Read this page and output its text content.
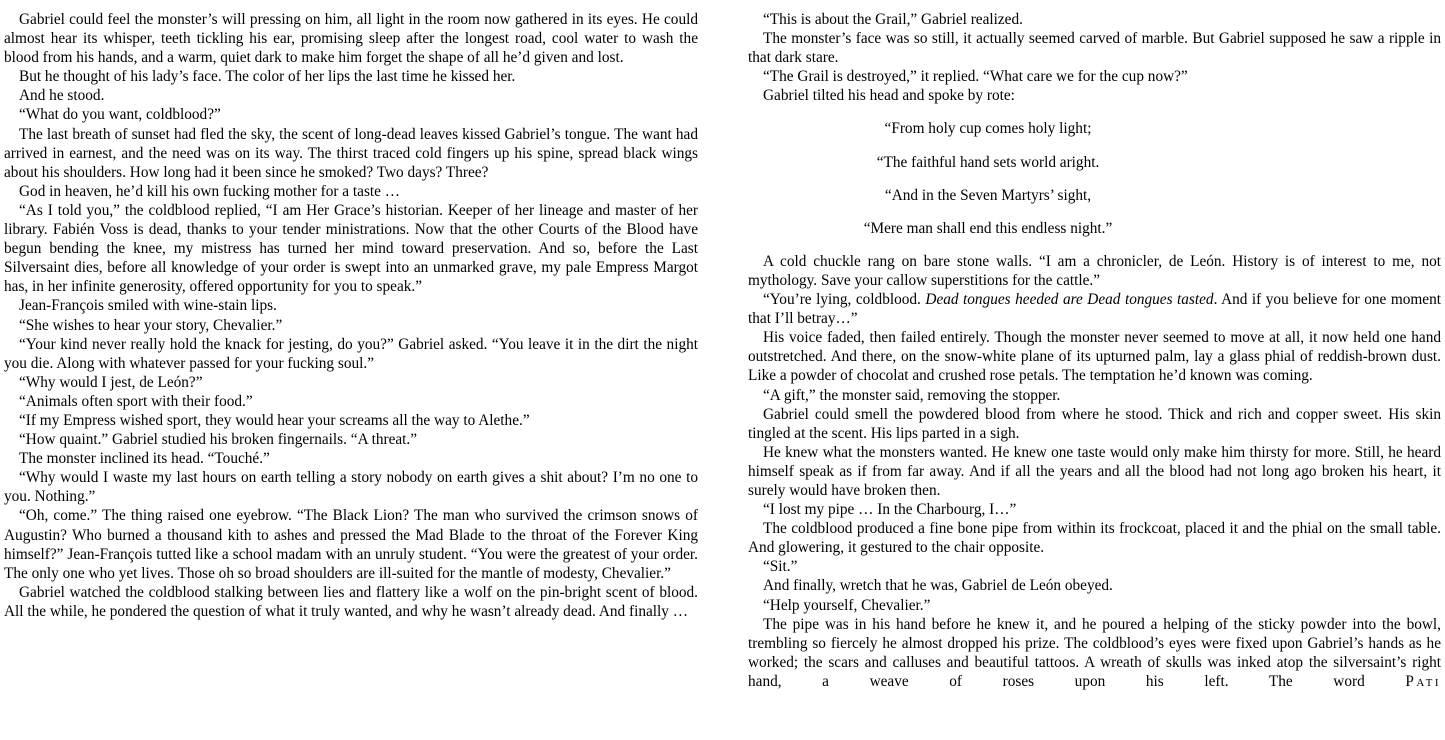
Gabriel could feel the monster’s will pressing on him, all light in the room now gathered in its eyes. He could almost hear its whisper, teeth tickling his ear, promising sleep after the longest road, cool water to wash the blood from his hands, and a warm, quiet dark to make him forget the shape of all he’d given and lost.

But he thought of his lady’s face. The color of her lips the last time he kissed her.

And he stood.

“What do you want, coldblood?”

The last breath of sunset had fled the sky, the scent of long-dead leaves kissed Gabriel’s tongue. The want had arrived in earnest, and the need was on its way. The thirst traced cold fingers up his spine, spread black wings about his shoulders. How long had it been since he smoked? Two days? Three?

God in heaven, he’d kill his own fucking mother for a taste …

“As I told you,” the coldblood replied, “I am Her Grace’s historian. Keeper of her lineage and master of her library. Fabién Voss is dead, thanks to your tender ministrations. Now that the other Courts of the Blood have begun bending the knee, my mistress has turned her mind toward preservation. And so, before the Last Silversaint dies, before all knowledge of your order is swept into an unmarked grave, my pale Empress Margot has, in her infinite generosity, offered opportunity for you to speak.”

Jean-François smiled with wine-stain lips.

“She wishes to hear your story, Chevalier.”

“Your kind never really hold the knack for jesting, do you?” Gabriel asked. “You leave it in the dirt the night you die. Along with whatever passed for your fucking soul.”

“Why would I jest, de León?”

“Animals often sport with their food.”

“If my Empress wished sport, they would hear your screams all the way to Alethe.”

“How quaint.” Gabriel studied his broken fingernails. “A threat.”

The monster inclined its head. “Touché.”

“Why would I waste my last hours on earth telling a story nobody on earth gives a shit about? I’m no one to you. Nothing.”

“Oh, come.” The thing raised one eyebrow. “The Black Lion? The man who survived the crimson snows of Augustin? Who burned a thousand kith to ashes and pressed the Mad Blade to the throat of the Forever King himself?” Jean-François tutted like a school madam with an unruly student. “You were the greatest of your order. The only one who yet lives. Those oh so broad shoulders are ill-suited for the mantle of modesty, Chevalier.”

Gabriel watched the coldblood stalking between lies and flattery like a wolf on the pin-bright scent of blood. All the while, he pondered the question of what it truly wanted, and why he wasn’t already dead. And finally …

“This is about the Grail,” Gabriel realized.

The monster’s face was so still, it actually seemed carved of marble. But Gabriel supposed he saw a ripple in that dark stare.

“The Grail is destroyed,” it replied. “What care we for the cup now?”

Gabriel tilted his head and spoke by rote:

“From holy cup comes holy light;

“The faithful hand sets world aright.

“And in the Seven Martyrs’ sight,

“Mere man shall end this endless night.”

A cold chuckle rang on bare stone walls. “I am a chronicler, de León. History is of interest to me, not mythology. Save your callow superstitions for the cattle.”

“You’re lying, coldblood. Dead tongues heeded are Dead tongues tasted. And if you believe for one moment that I’ll betray…”

His voice faded, then failed entirely. Though the monster never seemed to move at all, it now held one hand outstretched. And there, on the snow-white plane of its upturned palm, lay a glass phial of reddish-brown dust. Like a powder of chocolat and crushed rose petals. The temptation he’d known was coming.

“A gift,” the monster said, removing the stopper.

Gabriel could smell the powdered blood from where he stood. Thick and rich and copper sweet. His skin tingled at the scent. His lips parted in a sigh.

He knew what the monsters wanted. He knew one taste would only make him thirsty for more. Still, he heard himself speak as if from far away. And if all the years and all the blood had not long ago broken his heart, it surely would have broken then.

“I lost my pipe … In the Charbourg, I…”

The coldblood produced a fine bone pipe from within its frockcoat, placed it and the phial on the small table. And glowering, it gestured to the chair opposite.

“Sit.”

And finally, wretch that he was, Gabriel de León obeyed.

“Help yourself, Chevalier.”

The pipe was in his hand before he knew it, and he poured a helping of the sticky powder into the bowl, trembling so fiercely he almost dropped his prize. The coldblood’s eyes were fixed upon Gabriel’s hands as he worked; the scars and calluses and beautiful tattoos. A wreath of skulls was inked atop the silversaint’s right hand, a weave of roses upon his left. The word Pati
